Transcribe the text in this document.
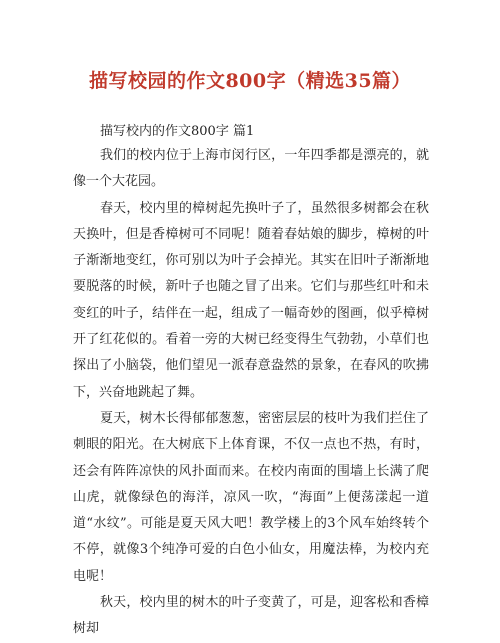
描写校园的作文800字（精选35篇）
描写校内的作文800字 篇1

我们的校内位于上海市闵行区，一年四季都是漂亮的，就像一个大花园。

春天，校内里的樟树起先换叶子了，虽然很多树都会在秋天换叶，但是香樟树可不同呢！随着春姑娘的脚步，樟树的叶子渐渐地变红，你可别以为叶子会掉光。其实在旧叶子渐渐地要脱落的时候，新叶子也随之冒了出来。它们与那些红叶和未变红的叶子，结伴在一起，组成了一幅奇妙的图画，似乎樟树开了红花似的。看着一旁的大树已经变得生气勃勃，小草们也探出了小脑袋，他们望见一派春意盎然的景象，在春风的吹拂下，兴奋地跳起了舞。

夏天，树木长得郁郁葱葱，密密层层的枝叶为我们拦住了刺眼的阳光。在大树底下上体育课，不仅一点也不热，有时，还会有阵阵凉快的风扑面而来。在校内南面的围墙上长满了爬山虎，就像绿色的海洋，凉风一吹，“海面”上便荡漾起一道道“水纹”。可能是夏天风大吧！教学楼上的3个风车始终转个不停，就像3个纯净可爱的白色小仙女，用魔法棒，为校内充电呢！

秋天，校内里的树木的叶子变黄了，可是，迎客松和香樟树却
